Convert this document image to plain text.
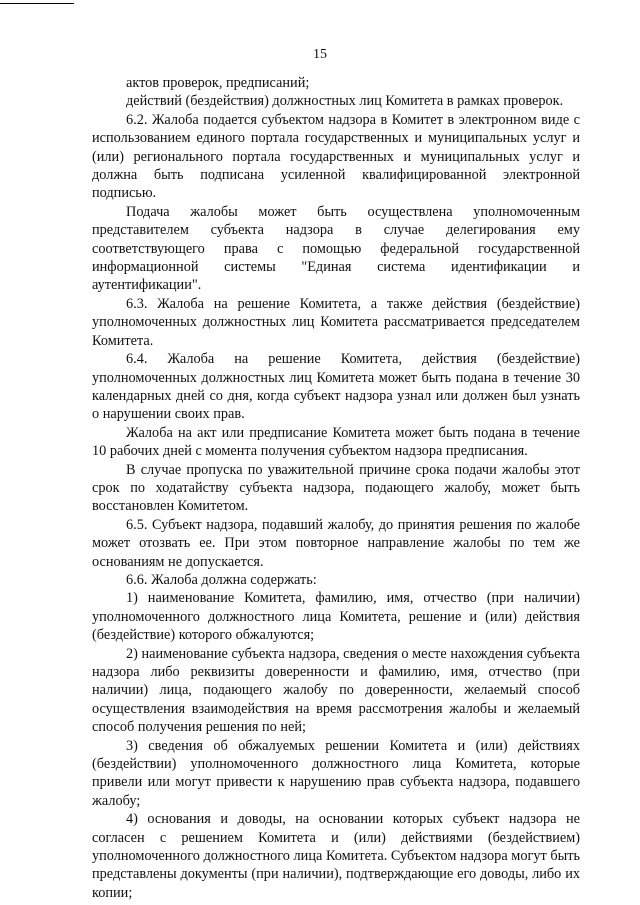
15

актов проверок, предписаний;

действий (бездействия) должностных лиц Комитета в рамках проверок.

6.2. Жалоба подается субъектом надзора в Комитет в электронном виде с использованием единого портала государственных и муниципальных услуг и (или) регионального портала государственных и муниципальных услуг и должна быть подписана усиленной квалифицированной электронной подписью.

Подача жалобы может быть осуществлена уполномоченным представителем субъекта надзора в случае делегирования ему соответствующего права с помощью федеральной государственной информационной системы "Единая система идентификации и аутентификации".

6.3. Жалоба на решение Комитета, а также действия (бездействие) уполномоченных должностных лиц Комитета рассматривается председателем Комитета.

6.4. Жалоба на решение Комитета, действия (бездействие) уполномоченных должностных лиц Комитета может быть подана в течение 30 календарных дней со дня, когда субъект надзора узнал или должен был узнать о нарушении своих прав.

Жалоба на акт или предписание Комитета может быть подана в течение 10 рабочих дней с момента получения субъектом надзора предписания.

В случае пропуска по уважительной причине срока подачи жалобы этот срок по ходатайству субъекта надзора, подающего жалобу, может быть восстановлен Комитетом.

6.5. Субъект надзора, подавший жалобу, до принятия решения по жалобе может отозвать ее. При этом повторное направление жалобы по тем же основаниям не допускается.

6.6. Жалоба должна содержать:

1) наименование Комитета, фамилию, имя, отчество (при наличии) уполномоченного должностного лица Комитета, решение и (или) действия (бездействие) которого обжалуются;

2) наименование субъекта надзора, сведения о месте нахождения субъекта надзора либо реквизиты доверенности и фамилию, имя, отчество (при наличии) лица, подающего жалобу по доверенности, желаемый способ осуществления взаимодействия на время рассмотрения жалобы и желаемый способ получения решения по ней;

3) сведения об обжалуемых решении Комитета и (или) действиях (бездействии) уполномоченного должностного лица Комитета, которые привели или могут привести к нарушению прав субъекта надзора, подавшего жалобу;

4) основания и доводы, на основании которых субъект надзора не согласен с решением Комитета и (или) действиями (бездействием) уполномоченного должностного лица Комитета. Субъектом надзора могут быть представлены документы (при наличии), подтверждающие его доводы, либо их копии;
